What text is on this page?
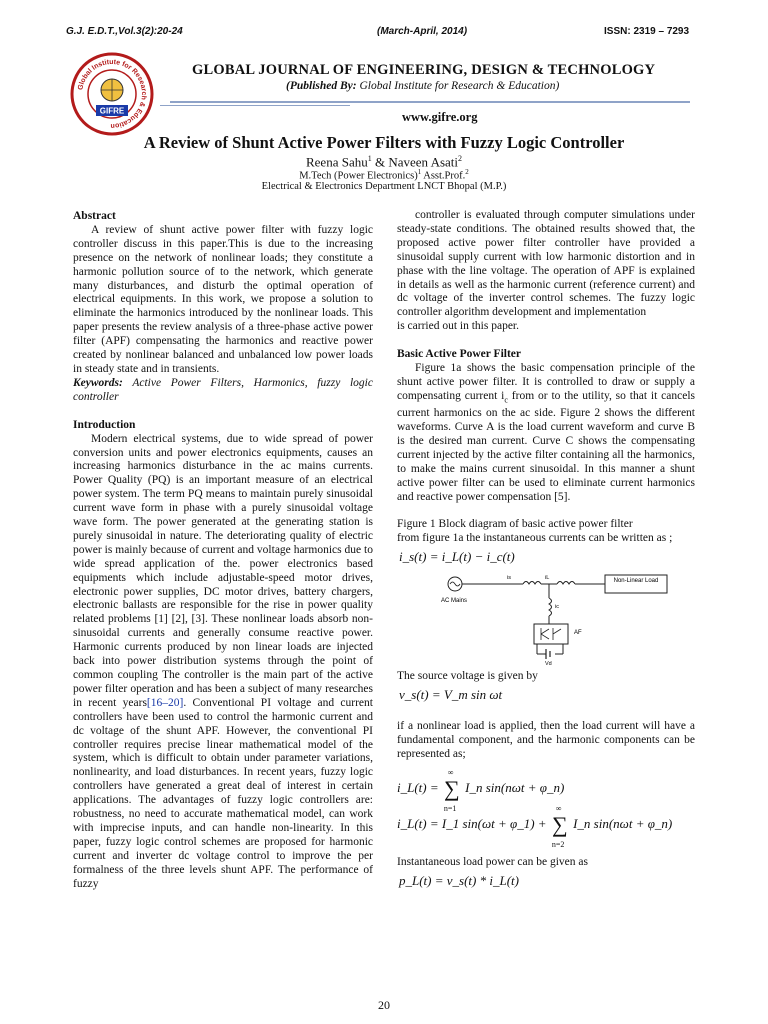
G.J. E.D.T.,Vol.3(2):20-24	(March-April, 2014)	ISSN: 2319 – 7293
Global Institute for Research & Education
GIFRE
GLOBAL JOURNAL OF ENGINEERING, DESIGN & TECHNOLOGY
(Published By: Global Institute for Research & Education)
www.gifre.org
A Review of Shunt Active Power Filters with Fuzzy Logic Controller
Reena Sahu$^1$ & Naveen Asati$^2$
M.Tech (Power Electronics)$^1$ Asst.Prof.$^2$
Electrical & Electronics Department LNCT Bhopal (M.P.)

Abstract

A review of shunt active power filter with fuzzy logic controller discuss in this paper.This is due to the increasing presence on the network of nonlinear loads; they constitute a harmonic pollution source of to the network, which generate many disturbances, and disturb the optimal operation of electrical equipments. In this work, we propose a solution to eliminate the harmonics introduced by the nonlinear loads. This paper presents the review analysis of a three-phase active power filter (APF) compensating the harmonics and reactive power created by nonlinear balanced and unbalanced low power loads in steady state and in transients.

Keywords: Active Power Filters, Harmonics, fuzzy logic controller

Introduction

Modern electrical systems, due to wide spread of power conversion units and power electronics equipments, causes an increasing harmonics disturbance in the ac mains currents. Power Quality (PQ) is an important measure of an electrical power system. The term PQ means to maintain purely sinusoidal current wave form in phase with a purely sinusoidal voltage wave form. The power generated at the generating station is purely sinusoidal in nature. The deteriorating quality of electric power is mainly because of current and voltage harmonics due to wide spread application of the. power electronics based equipments which include adjustable-speed motor drives, electronic power supplies, DC motor drives, battery chargers, electronic ballasts are responsible for the rise in power quality related problems [1] [2], [3]. These nonlinear loads absorb non-sinusoidal currents and generally consume reactive power. Harmonic currents produced by non linear loads are injected back into power distribution systems through the point of common coupling The controller is the main part of the active power filter operation and has been a subject of many researches in recent years[16–20]. Conventional PI voltage and current controllers have been used to control the harmonic current and dc voltage of the shunt APF. However, the conventional PI controller requires precise linear mathematical model of the system, which is difficult to obtain under parameter variations, nonlinearity, and load disturbances. In recent years, fuzzy logic controllers have generated a great deal of interest in certain applications. The advantages of fuzzy logic controllers are: robustness, no need to accurate mathematical model, can work with imprecise inputs, and can handle non-linearity. In this paper, fuzzy logic control schemes are proposed for harmonic current and inverter dc voltage control to improve the per formalness of the three levels shunt APF. The performance of fuzzy

controller is evaluated through computer simulations under steady-state conditions. The obtained results showed that, the proposed active power filter controller have provided a sinusoidal supply current with low harmonic distortion and in phase with the line voltage. The operation of APF is explained in details as well as the harmonic current (reference current) and dc voltage of the inverter control schemes. The fuzzy logic controller algorithm development and implementation

is carried out in this paper.

Basic Active Power Filter

Figure 1a shows the basic compensation principle of the shunt active power filter. It is controlled to draw or supply a compensating current $i_c$ from or to the utility, so that it cancels current harmonics on the ac side. Figure 2 shows the different waveforms. Curve A is the load current waveform and curve B is the desired man current. Curve C shows the compensating current injected by the active filter containing all the harmonics, to make the mains current sinusoidal. In this manner a shunt active power filter can be used to eliminate current harmonics and reactive power compensation [5].

Figure 1 Block diagram of basic active power filter

from figure 1a the instantaneous currents can be written as ;

i_s(t) = i_L(t) − i_c(t)
Non-Linear Load
AC Mains
is	iL
ic
AF
Vd

The source voltage is given by

v_s(t) = V_m sin ωt

if a nonlinear load is applied, then the load current will have a fundamental component, and the harmonic components can be represented as;

i_L(t) =
∞
∑
n=1
I_n sin(nωt + φ_n)
i_L(t) = I_1 sin(ωt + φ_1) +
∞
∑
n=2
I_n sin(nωt + φ_n)

Instantaneous load power can be given as

p_L(t) = v_s(t) * i_L(t)
20
